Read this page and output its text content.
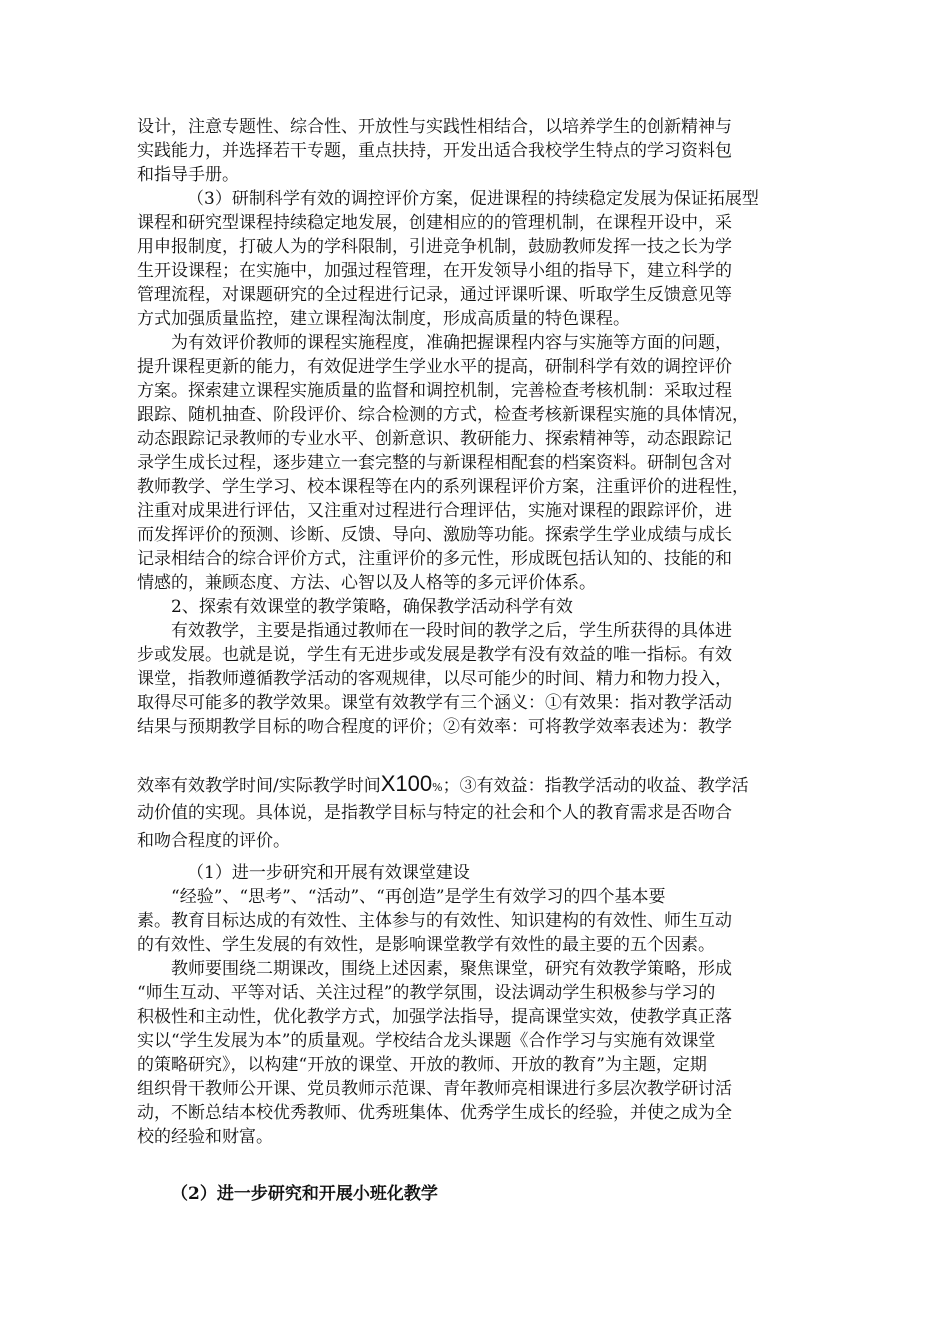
设计，注意专题性、综合性、开放性与实践性相结合，以培养学生的创新精神与
实践能力，并选择若干专题，重点扶持，开发出适合我校学生特点的学习资料包
和指导手册。
（3）研制科学有效的调控评价方案，促进课程的持续稳定发展为保证拓展型
课程和研究型课程持续稳定地发展，创建相应的的管理机制，在课程开设中，采
用申报制度，打破人为的学科限制，引进竞争机制，鼓励教师发挥一技之长为学
生开设课程；在实施中，加强过程管理，在开发领导小组的指导下，建立科学的
管理流程，对课题研究的全过程进行记录，通过评课听课、听取学生反馈意见等
方式加强质量监控，建立课程淘汰制度，形成高质量的特色课程。
为有效评价教师的课程实施程度，准确把握课程内容与实施等方面的问题，
提升课程更新的能力，有效促进学生学业水平的提高，研制科学有效的调控评价
方案。探索建立课程实施质量的监督和调控机制，完善检查考核机制：采取过程
跟踪、随机抽查、阶段评价、综合检测的方式，检查考核新课程实施的具体情况，
动态跟踪记录教师的专业水平、创新意识、教研能力、探索精神等，动态跟踪记
录学生成长过程，逐步建立一套完整的与新课程相配套的档案资料。研制包含对
教师教学、学生学习、校本课程等在内的系列课程评价方案，注重评价的进程性，
注重对成果进行评估，又注重对过程进行合理评估，实施对课程的跟踪评价，进
而发挥评价的预测、诊断、反馈、导向、激励等功能。探索学生学业成绩与成长
记录相结合的综合评价方式，注重评价的多元性，形成既包括认知的、技能的和
情感的，兼顾态度、方法、心智以及人格等的多元评价体系。
2、探索有效课堂的教学策略，确保教学活动科学有效
有效教学，主要是指通过教师在一段时间的教学之后，学生所获得的具体进
步或发展。也就是说，学生有无进步或发展是教学有没有效益的唯一指标。有效
课堂，指教师遵循教学活动的客观规律，以尽可能少的时间、精力和物力投入，
取得尽可能多的教学效果。课堂有效教学有三个涵义：①有效果：指对教学活动
结果与预期教学目标的吻合程度的评价；②有效率：可将教学效率表述为：教学
效率有效教学时间/实际教学时间X100%；③有效益：指教学活动的收益、教学活
动价值的实现。具体说，是指教学目标与特定的社会和个人的教育需求是否吻合
和吻合程度的评价。
（1）进一步研究和开展有效课堂建设
“经验”、“思考”、“活动”、“再创造”是学生有效学习的四个基本要
素。教育目标达成的有效性、主体参与的有效性、知识建构的有效性、师生互动
的有效性、学生发展的有效性，是影响课堂教学有效性的最主要的五个因素。
教师要围绕二期课改，围绕上述因素，聚焦课堂，研究有效教学策略，形成
“师生互动、平等对话、关注过程”的教学氛围，设法调动学生积极参与学习的
积极性和主动性，优化教学方式，加强学法指导，提高课堂实效，使教学真正落
实以“学生发展为本”的质量观。学校结合龙头课题《合作学习与实施有效课堂
的策略研究》，以构建“开放的课堂、开放的教师、开放的教育”为主题，定期
组织骨干教师公开课、党员教师示范课、青年教师亮相课进行多层次教学研讨活
动，不断总结本校优秀教师、优秀班集体、优秀学生成长的经验，并使之成为全
校的经验和财富。
（2）进一步研究和开展小班化教学
